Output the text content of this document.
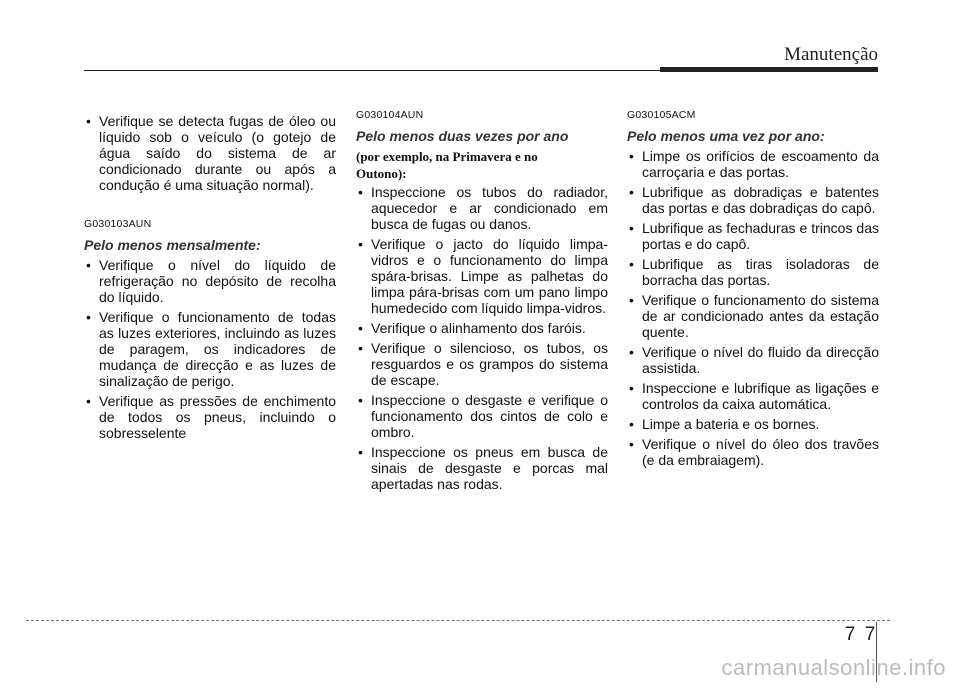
Manutenção
• Verifique se detecta fugas de óleo ou líquido sob o veículo (o gotejo de água saído do sistema de ar condicionado durante ou após a condução é uma situação normal).
G030103AUN
Pelo menos mensalmente:
• Verifique o nível do líquido de refrigeração no depósito de recolha do líquido.
• Verifique o funcionamento de todas as luzes exteriores, incluindo as luzes de paragem, os indicadores de mudança de direcção e as luzes de sinalização de perigo.
• Verifique as pressões de enchimento de todos os pneus, incluindo o sobresselente
G030104AUN
Pelo menos duas vezes por ano
(por exemplo, na Primavera e no Outono):
• Inspeccione os tubos do radiador, aquecedor e ar condicionado em busca de fugas ou danos.
• Verifique o jacto do líquido limpa-vidros e o funcionamento do limpa spára-brisas. Limpe as palhetas do limpa pára-brisas com um pano limpo humedecido com líquido limpa-vidros.
• Verifique o alinhamento dos faróis.
• Verifique o silencioso, os tubos, os resguardos e os grampos do sistema de escape.
• Inspeccione o desgaste e verifique o funcionamento dos cintos de colo e ombro.
• Inspeccione os pneus em busca de sinais de desgaste e porcas mal apertadas nas rodas.
G030105ACM
Pelo menos uma vez por ano:
• Limpe os orifícios de escoamento da carroçaria e das portas.
• Lubrifique as dobradiças e batentes das portas e das dobradiças do capô.
• Lubrifique as fechaduras e trincos das portas e do capô.
• Lubrifique as tiras isoladoras de borracha das portas.
• Verifique o funcionamento do sistema de ar condicionado antes da estação quente.
• Verifique o nível do fluido da direcção assistida.
• Inspeccione e lubrifique as ligações e controlos da caixa automática.
• Limpe a bateria e os bornes.
• Verifique o nível do óleo dos travões (e da embraiagem).
7 7
carmanualsonline.info
